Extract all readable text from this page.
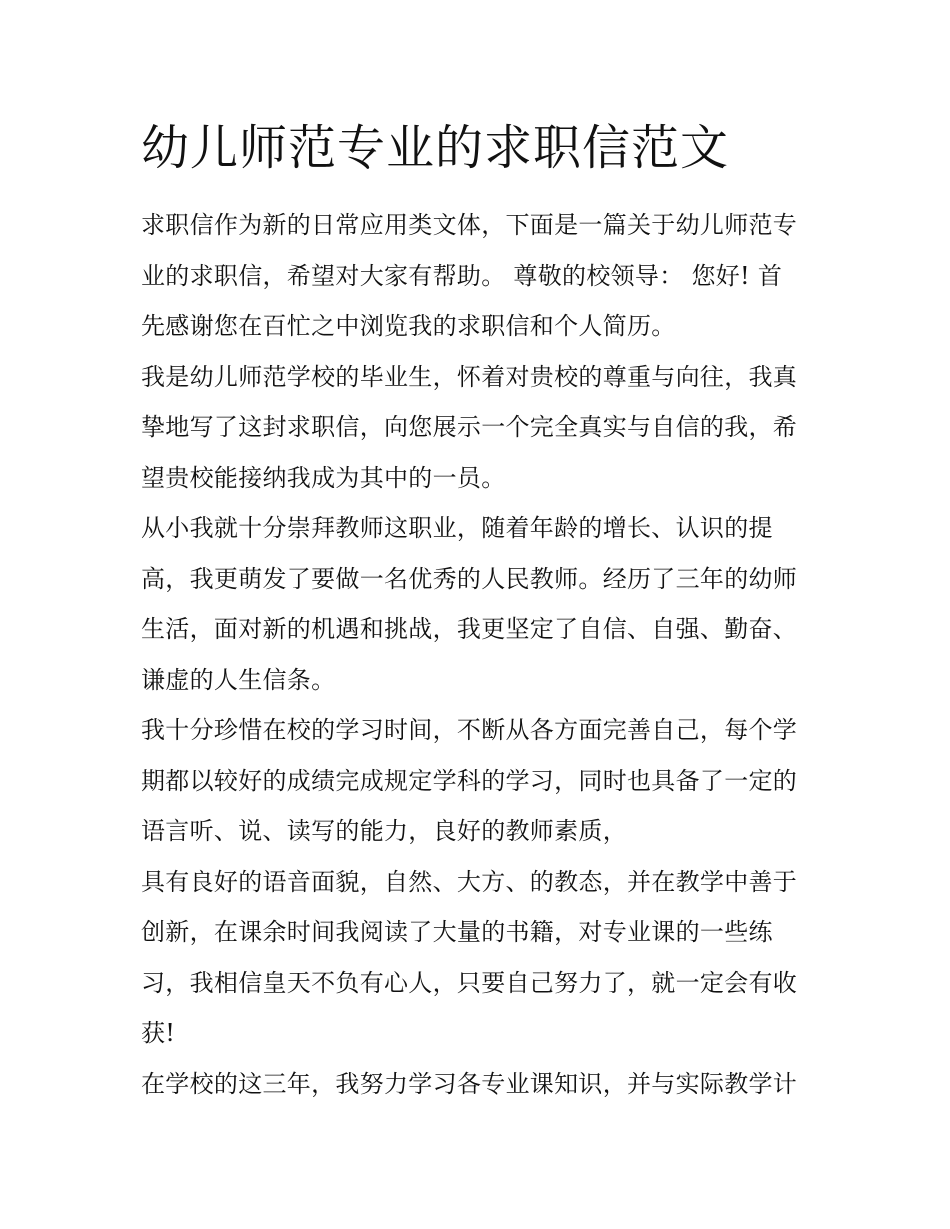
幼儿师范专业的求职信范文
求职信作为新的日常应用类文体，下面是一篇关于幼儿师范专
业的求职信，希望对大家有帮助。 尊敬的校领导： 您好! 首
先感谢您在百忙之中浏览我的求职信和个人简历。
我是幼儿师范学校的毕业生，怀着对贵校的尊重与向往，我真
挚地写了这封求职信，向您展示一个完全真实与自信的我，希
望贵校能接纳我成为其中的一员。
从小我就十分崇拜教师这职业，随着年龄的增长、认识的提
高，我更萌发了要做一名优秀的人民教师。经历了三年的幼师
生活，面对新的机遇和挑战，我更坚定了自信、自强、勤奋、
谦虚的人生信条。
我十分珍惜在校的学习时间，不断从各方面完善自己，每个学
期都以较好的成绩完成规定学科的学习，同时也具备了一定的
语言听、说、读写的能力，良好的教师素质，
具有良好的语音面貌，自然、大方、的教态，并在教学中善于
创新，在课余时间我阅读了大量的书籍，对专业课的一些练
习，我相信皇天不负有心人，只要自己努力了，就一定会有收
获!
在学校的这三年，我努力学习各专业课知识，并与实际教学计
